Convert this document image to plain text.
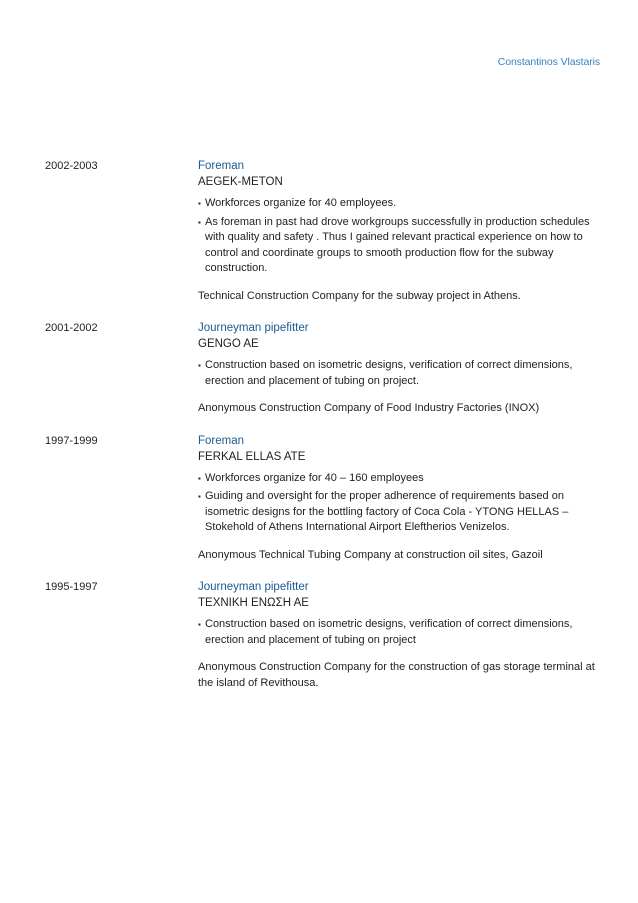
Constantinos Vlastaris
2002-2003	Foreman
AEGEK-METON
▪ Workforces organize for 40 employees.
▪ As foreman in past had drove workgroups successfully in production schedules with quality and safety . Thus I gained relevant practical experience on how to control and coordinate groups to smooth production flow for the subway construction.
Technical Construction Company for the subway project in Athens.
2001-2002	Journeyman pipefitter
GENGO AE
▪ Construction based on isometric designs, verification of correct dimensions, erection and placement of tubing on project.
Anonymous Construction Company of Food Industry Factories (INOX)
1997-1999	Foreman
FERKAL ELLAS ATE
▪ Workforces organize for 40 – 160 employees
▪ Guiding and oversight for the proper adherence of requirements based on isometric designs for the bottling factory of Coca Cola - YTONG HELLAS – Stokehold of Athens International Airport Eleftherios Venizelos.
Anonymous Technical Tubing Company at construction oil sites, Gazoil
1995-1997	Journeyman pipefitter
ΤΕΧΝΙΚΗ ΕΝΩΣΗ ΑΕ
▪ Construction based on isometric designs, verification of correct dimensions, erection and placement of tubing on project
Anonymous Construction Company for the construction of gas storage terminal at the island of Revithousa.
